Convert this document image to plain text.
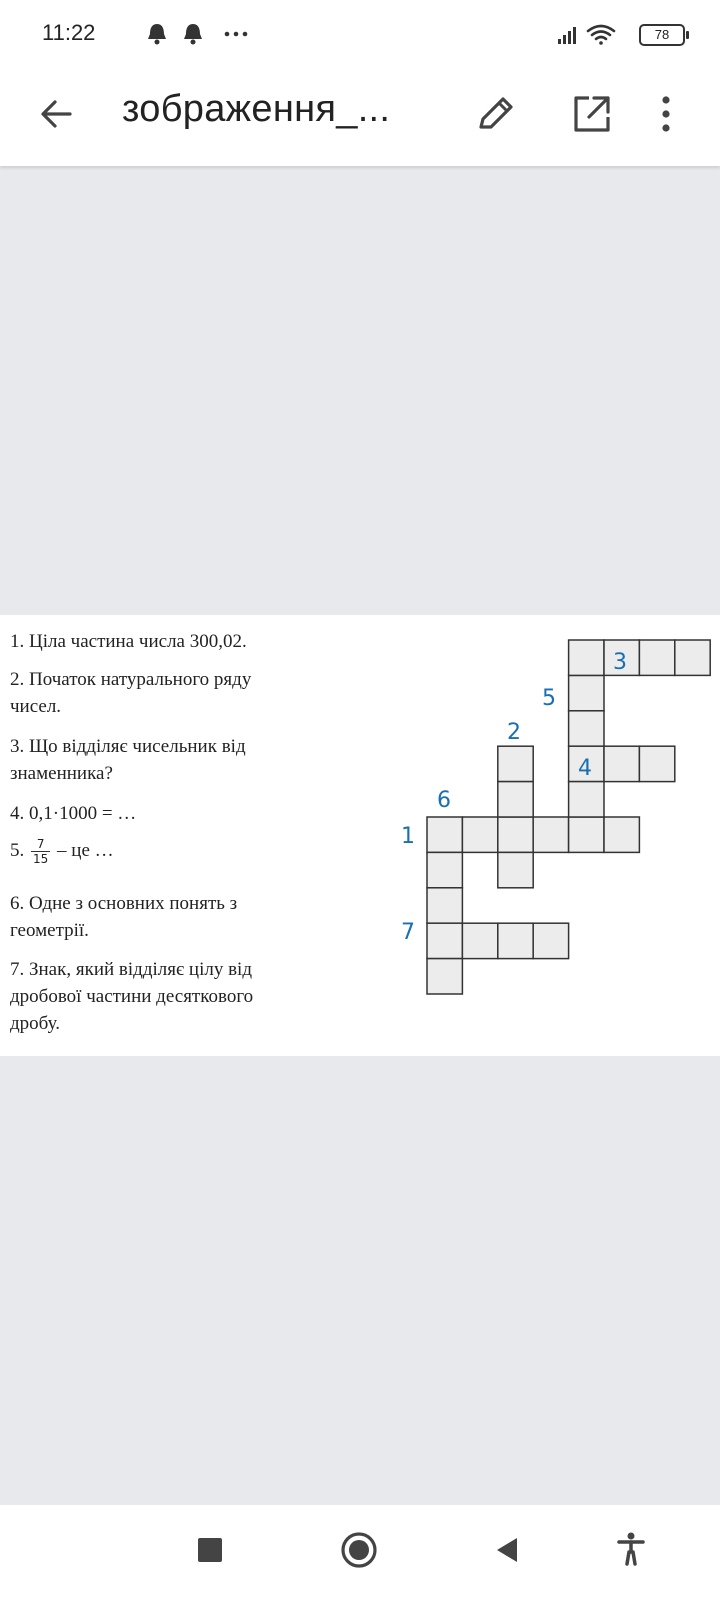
11:22	78
зображення_...
1. Ціла частина числа 300,02.
2. Початок натурального ряду
чисел.
3. Що відділяє чисельник від
знаменника?
4. 0,1·1000 = …
5. $\frac{7}{15}$ – це …
6. Одне з основних понять з
геометрії.
7. Знак, який відділяє цілу від
дробової частини десяткового
дробу.
1
2
3
4
5
6
7
